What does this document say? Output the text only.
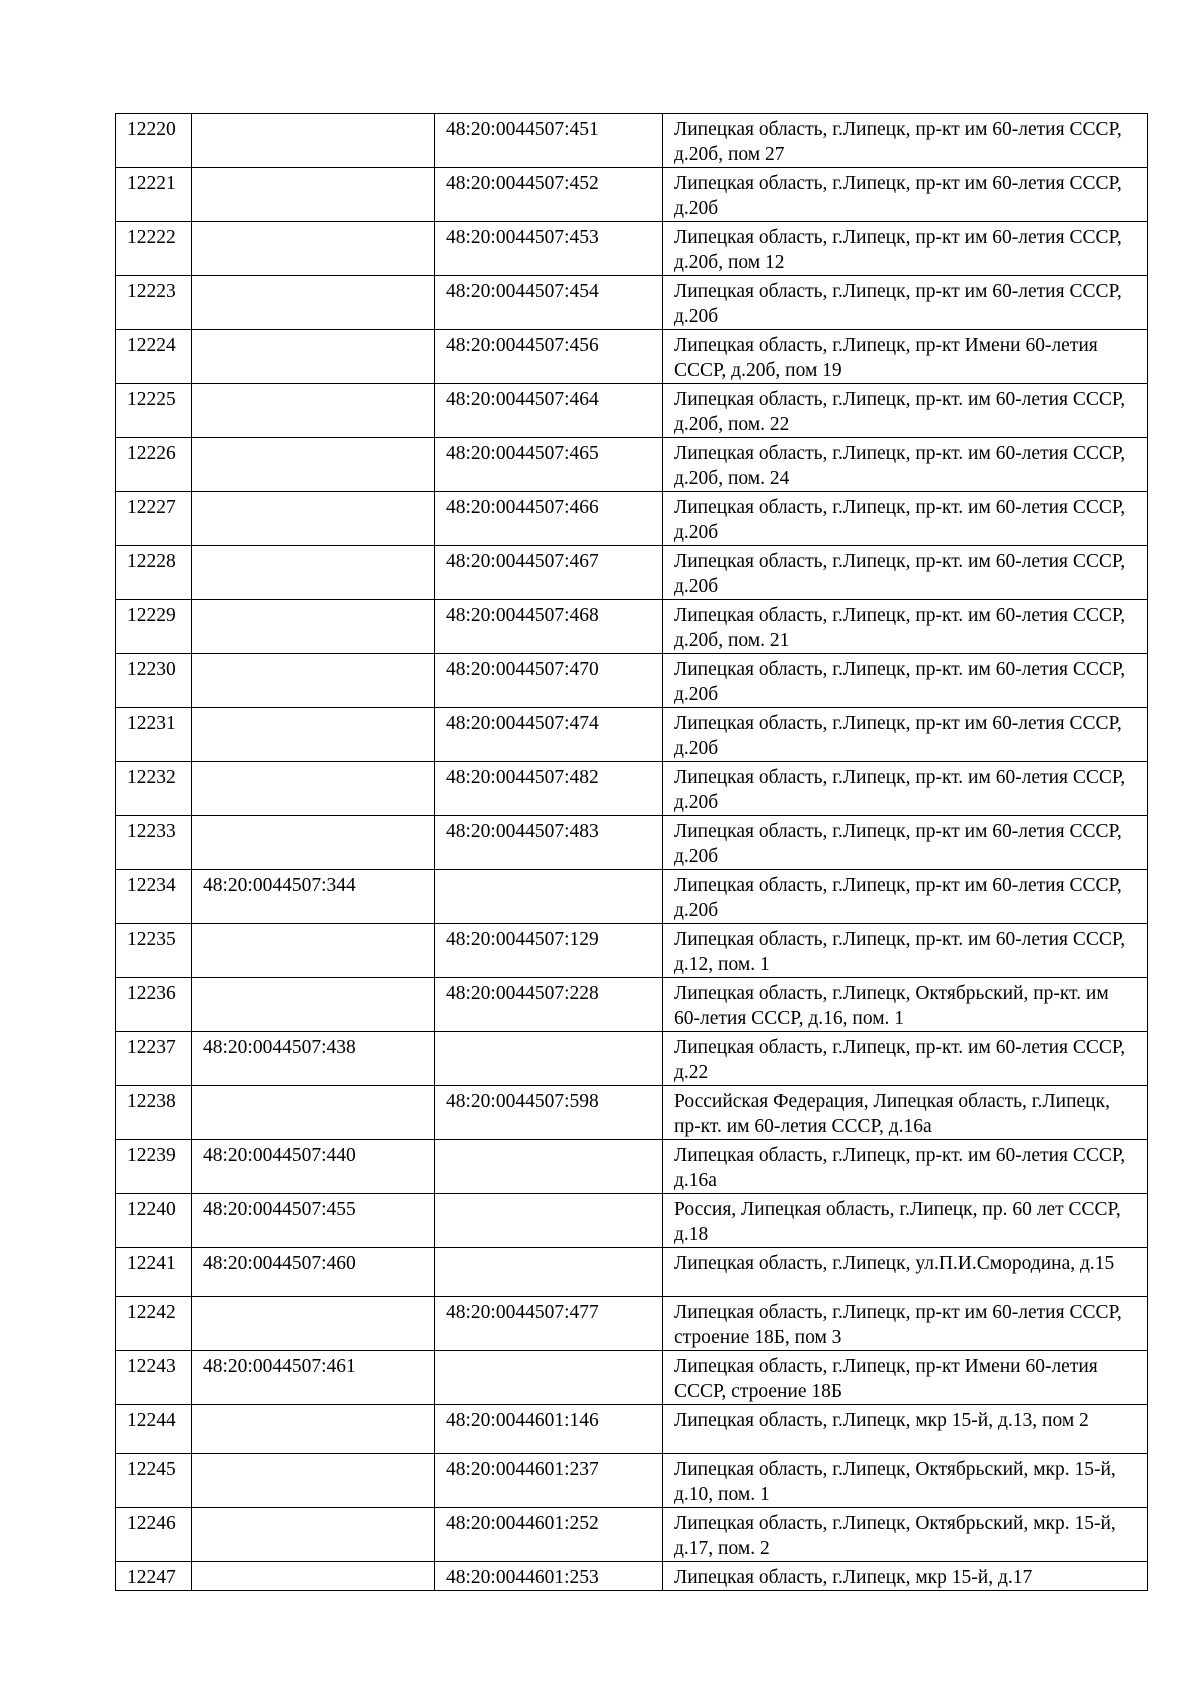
12220		48:20:0044507:451	Липецкая область, г.Липецк, пр-кт им 60-летия СССР, д.20б, пом 27
12221		48:20:0044507:452	Липецкая область, г.Липецк, пр-кт им 60-летия СССР, д.20б
12222		48:20:0044507:453	Липецкая область, г.Липецк, пр-кт им 60-летия СССР, д.20б, пом 12
12223		48:20:0044507:454	Липецкая область, г.Липецк, пр-кт им 60-летия СССР, д.20б
12224		48:20:0044507:456	Липецкая область, г.Липецк, пр-кт Имени 60-летия СССР, д.20б, пом 19
12225		48:20:0044507:464	Липецкая область, г.Липецк, пр-кт. им 60-летия СССР, д.20б, пом. 22
12226		48:20:0044507:465	Липецкая область, г.Липецк, пр-кт. им 60-летия СССР, д.20б, пом. 24
12227		48:20:0044507:466	Липецкая область, г.Липецк, пр-кт. им 60-летия СССР, д.20б
12228		48:20:0044507:467	Липецкая область, г.Липецк, пр-кт. им 60-летия СССР, д.20б
12229		48:20:0044507:468	Липецкая область, г.Липецк, пр-кт. им 60-летия СССР, д.20б, пом. 21
12230		48:20:0044507:470	Липецкая область, г.Липецк, пр-кт. им 60-летия СССР, д.20б
12231		48:20:0044507:474	Липецкая область, г.Липецк, пр-кт им 60-летия СССР, д.20б
12232		48:20:0044507:482	Липецкая область, г.Липецк, пр-кт. им 60-летия СССР, д.20б
12233		48:20:0044507:483	Липецкая область, г.Липецк, пр-кт им 60-летия СССР, д.20б
12234	48:20:0044507:344		Липецкая область, г.Липецк, пр-кт им 60-летия СССР, д.20б
12235		48:20:0044507:129	Липецкая область, г.Липецк, пр-кт. им 60-летия СССР, д.12, пом. 1
12236		48:20:0044507:228	Липецкая область, г.Липецк, Октябрьский, пр-кт. им 60-летия СССР, д.16, пом. 1
12237	48:20:0044507:438		Липецкая область, г.Липецк, пр-кт. им 60-летия СССР, д.22
12238		48:20:0044507:598	Российская Федерация, Липецкая область, г.Липецк, пр-кт. им 60-летия СССР, д.16а
12239	48:20:0044507:440		Липецкая область, г.Липецк, пр-кт. им 60-летия СССР, д.16а
12240	48:20:0044507:455		Россия, Липецкая область, г.Липецк, пр. 60 лет СССР, д.18
12241	48:20:0044507:460		Липецкая область, г.Липецк, ул.П.И.Смородина, д.15
12242		48:20:0044507:477	Липецкая область, г.Липецк, пр-кт им 60-летия СССР, строение 18Б, пом 3
12243	48:20:0044507:461		Липецкая область, г.Липецк, пр-кт Имени 60-летия СССР, строение 18Б
12244		48:20:0044601:146	Липецкая область, г.Липецк, мкр 15-й, д.13, пом 2
12245		48:20:0044601:237	Липецкая область, г.Липецк, Октябрьский, мкр. 15-й, д.10, пом. 1
12246		48:20:0044601:252	Липецкая область, г.Липецк, Октябрьский, мкр. 15-й, д.17, пом. 2
12247		48:20:0044601:253	Липецкая область, г.Липецк, мкр 15-й, д.17
